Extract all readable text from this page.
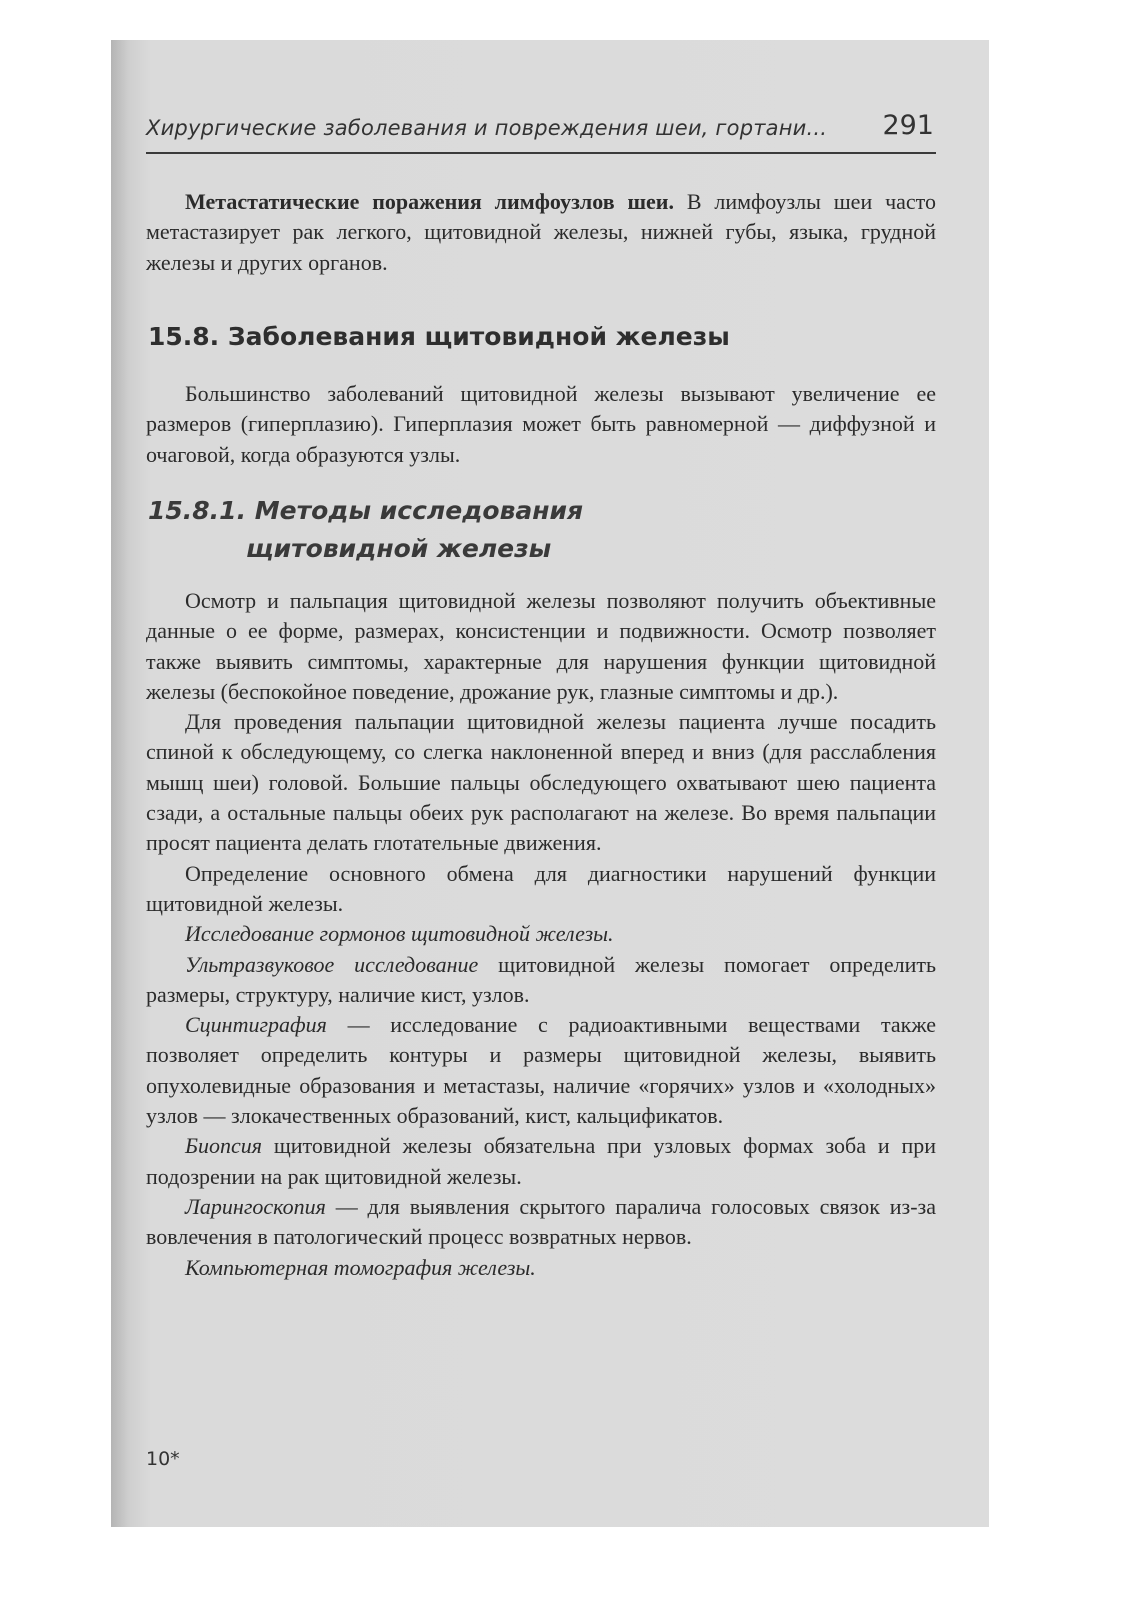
Хирургические заболевания и повреждения шеи, гортани... 291

Метастатические поражения лимфоузлов шеи. В лимфоузлы шеи часто метастазирует рак легкого, щитовидной железы, нижней губы, языка, грудной железы и других органов.

15.8. Заболевания щитовидной железы

Большинство заболеваний щитовидной железы вызывают увеличение ее размеров (гиперплазию). Гиперплазия может быть равномерной — диффузной и очаговой, когда образуются узлы.

15.8.1. Методы исследования
щитовидной железы

Осмотр и пальпация щитовидной железы позволяют получить объективные данные о ее форме, размерах, консистенции и подвижности. Осмотр позволяет также выявить симптомы, характерные для нарушения функции щитовидной железы (беспокойное поведение, дрожание рук, глазные симптомы и др.).

Для проведения пальпации щитовидной железы пациента лучше посадить спиной к обследующему, со слегка наклоненной вперед и вниз (для расслабления мышц шеи) головой. Большие пальцы обследующего охватывают шею пациента сзади, а остальные пальцы обеих рук располагают на железе. Во время пальпации просят пациента делать глотательные движения.

Определение основного обмена для диагностики нарушений функции щитовидной железы.

Исследование гормонов щитовидной железы.

Ультразвуковое исследование щитовидной железы помогает определить размеры, структуру, наличие кист, узлов.

Сцинтиграфия — исследование с радиоактивными веществами также позволяет определить контуры и размеры щитовидной железы, выявить опухолевидные образования и метастазы, наличие «горячих» узлов и «холодных» узлов — злокачественных образований, кист, кальцификатов.

Биопсия щитовидной железы обязательна при узловых формах зоба и при подозрении на рак щитовидной железы.

Ларингоскопия — для выявления скрытого паралича голосовых связок из-за вовлечения в патологический процесс возвратных нервов.

Компьютерная томография железы.

10*
